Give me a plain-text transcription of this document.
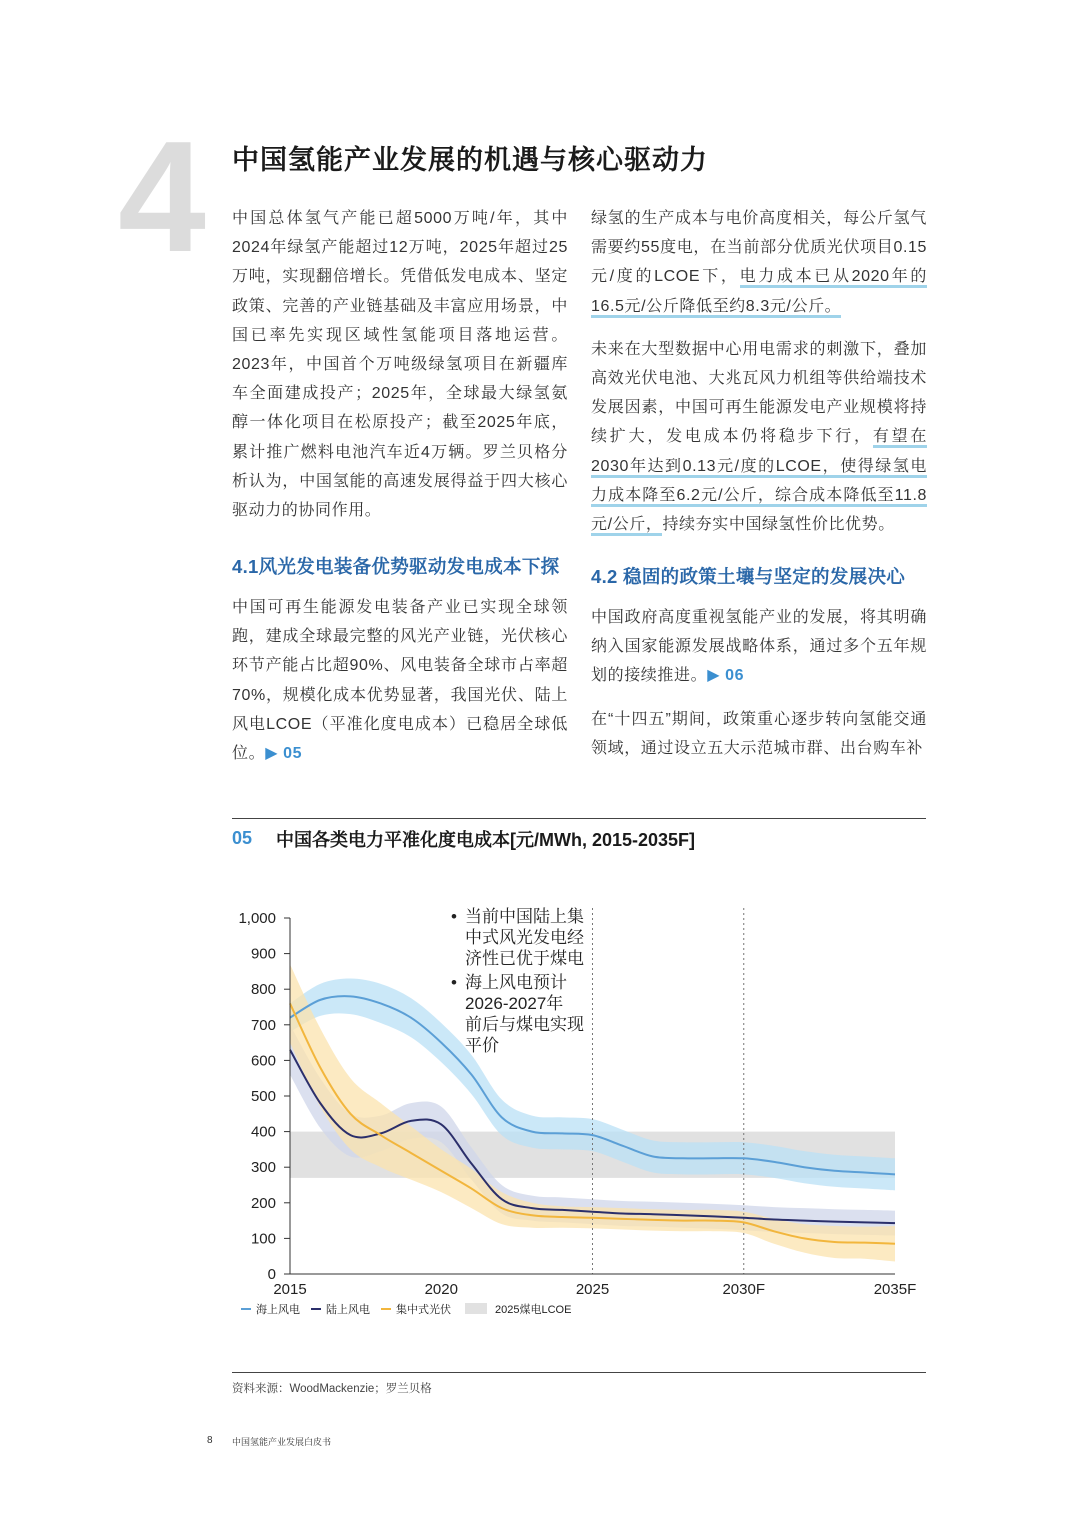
4 中国氢能产业发展的机遇与核心驱动力

中国总体氢气产能已超5000万吨/年，其中2024年绿氢产能超过12万吨，2025年超过25万吨，实现翻倍增长。凭借低发电成本、坚定政策、完善的产业链基础及丰富应用场景，中国已率先实现区域性氢能项目落地运营。2023年，中国首个万吨级绿氢项目在新疆库车全面建成投产；2025年，全球最大绿氢氨醇一体化项目在松原投产；截至2025年底，累计推广燃料电池汽车近4万辆。罗兰贝格分析认为，中国氢能的高速发展得益于四大核心驱动力的协同作用。

4.1风光发电装备优势驱动发电成本下探

中国可再生能源发电装备产业已实现全球领跑，建成全球最完整的风光产业链，光伏核心环节产能占比超90%、风电装备全球市占率超70%，规模化成本优势显著，我国光伏、陆上风电LCOE（平准化度电成本）已稳居全球低位。▶ 05

绿氢的生产成本与电价高度相关，每公斤氢气需要约55度电，在当前部分优质光伏项目0.15元/度的LCOE下，电力成本已从2020年的16.5元/公斤降低至约8.3元/公斤。

未来在大型数据中心用电需求的刺激下，叠加高效光伏电池、大兆瓦风力机组等供给端技术发展因素，中国可再生能源发电产业规模将持续扩大，发电成本仍将稳步下行，有望在2030年达到0.13元/度的LCOE，使得绿氢电力成本降至6.2元/公斤，综合成本降低至11.8元/公斤，持续夯实中国绿氢性价比优势。

4.2 稳固的政策土壤与坚定的发展决心

中国政府高度重视氢能产业的发展，将其明确纳入国家能源发展战略体系，通过多个五年规划的接续推进。▶ 06

在“十四五”期间，政策重心逐步转向氢能交通领域，通过设立五大示范城市群、出台购车补

05 中国各类电力平准化度电成本[元/MWh, 2015-2035F]
0
100
200
300
400
500
600
700
800
900
1,000
2015	2020	2025	2030F	2035F
• 当前中国陆上集
中式风光发电经
济性已优于煤电
• 海上风电预计
2026-2027年
前后与煤电实现
平价
海上风电 陆上风电 集中式光伏	2025煤电LCOE
资料来源：WoodMackenzie；罗兰贝格
8 中国氢能产业发展白皮书
